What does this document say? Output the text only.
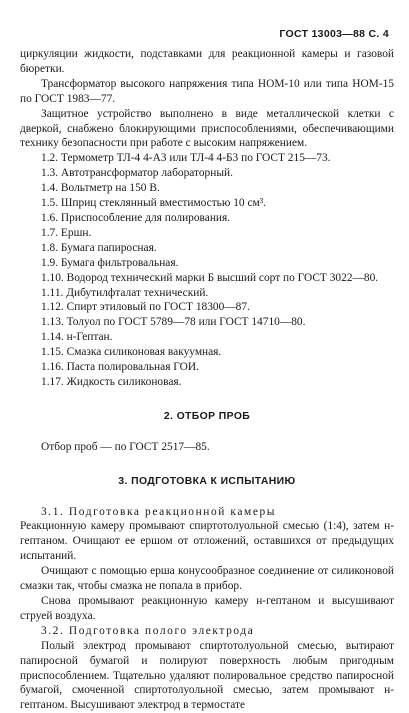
ГОСТ 13003—88 С. 4

циркуляции жидкости, подставками для реакционной камеры и газовой бюретки.

Трансформатор высокого напряжения типа НОМ-10 или типа НОМ-15 по ГОСТ 1983—77.

Защитное устройство выполнено в виде металлической клетки с дверкой, снабжено блокирующими приспособлениями, обеспечивающими технику безопасности при работе с высоким напряжением.

1.2. Термометр ТЛ-4 4-А3 или ТЛ-4 4-Б3 по ГОСТ 215—73.
1.3. Автотрансформатор лабораторный.
1.4. Вольтметр на 150 В.
1.5. Шприц стеклянный вместимостью 10 см³.
1.6. Приспособление для полирования.
1.7. Ершн.
1.8. Бумага папиросная.
1.9. Бумага фильтровальная.

1.10. Водород технический марки Б высший сорт по ГОСТ 3022—80.

1.11. Дибутилфталат технический.
1.12. Спирт этиловый по ГОСТ 18300—87.
1.13. Толуол по ГОСТ 5789—78 или ГОСТ 14710—80.
1.14. н-Гептан.
1.15. Смазка силиконовая вакуумная.
1.16. Паста полировальная ГОИ.
1.17. Жидкость силиконовая.
2. ОТБОР ПРОБ
Отбор проб — по ГОСТ 2517—85.
3. ПОДГОТОВКА К ИСПЫТАНИЮ
3.1. Подготовка реакционной камеры

Реакционную камеру промывают спиртотолуольной смесью (1:4), затем н-гептаном. Очищают ее ершом от отложений, оставшихся от предыдущих испытаний.

Очищают с помощью ерша конусообразное соединение от силиконовой смазки так, чтобы смазка не попала в прибор.

Снова промывают реакционную камеру н-гептаном и высушивают струей воздуха.

3.2. Подготовка полого электрода

Полый электрод промывают спиртотолуольной смесью, вытирают папиросной бумагой и полируют поверхность любым пригодным приспособлением. Тщательно удаляют полировальное средство папиросной бумагой, смоченной спиртотолуольной смесью, затем промывают н-гептаном. Высушивают электрод в термостате
